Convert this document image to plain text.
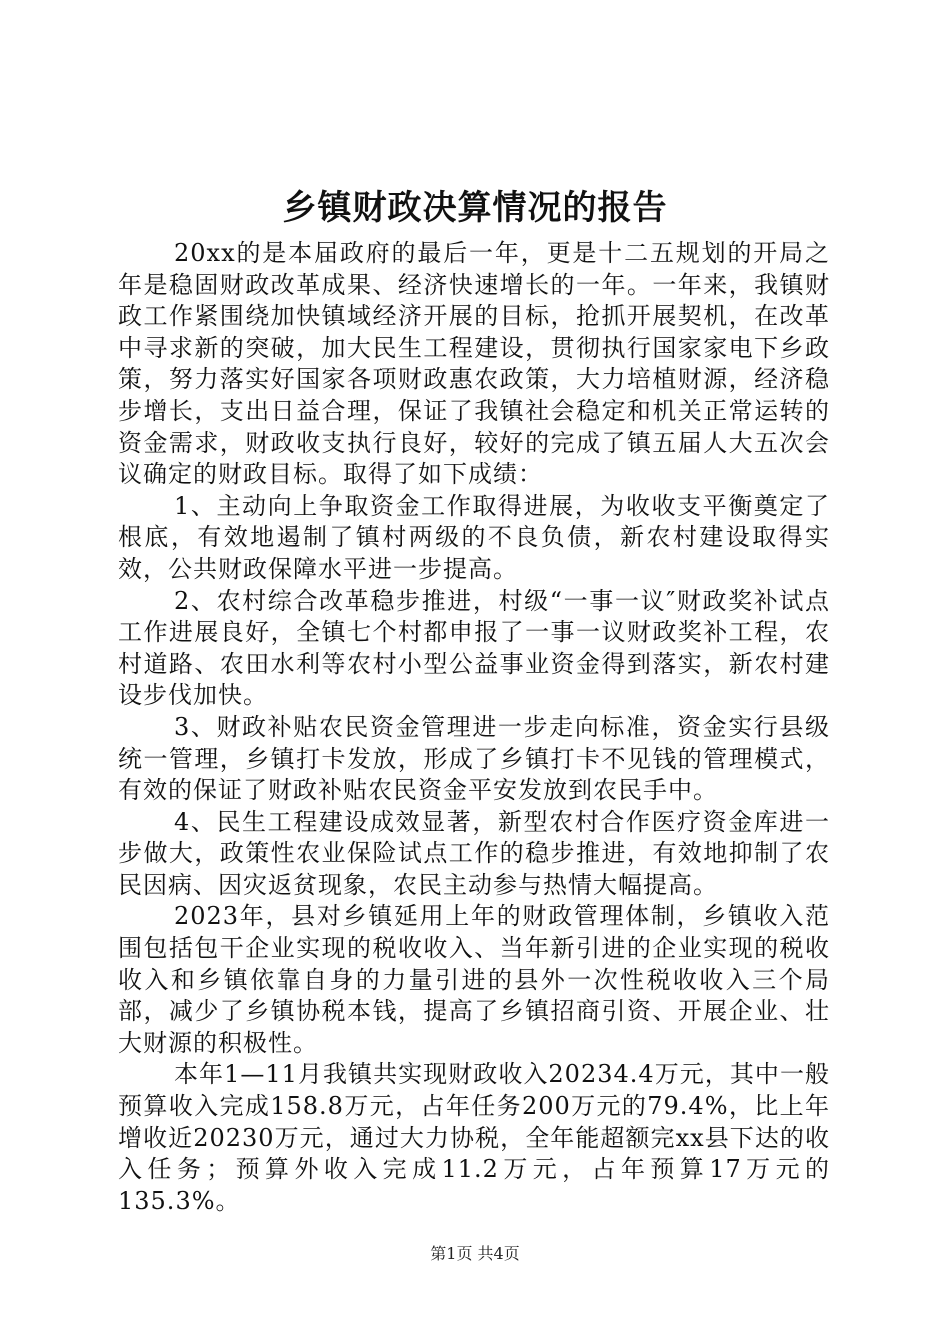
乡镇财政决算情况的报告

20xx的是本届政府的最后一年，更是十二五规划的开局之年是稳固财政改革成果、经济快速增长的一年。一年来，我镇财政工作紧围绕加快镇域经济开展的目标，抢抓开展契机，在改革中寻求新的突破，加大民生工程建设，贯彻执行国家家电下乡政策，努力落实好国家各项财政惠农政策，大力培植财源，经济稳步增长，支出日益合理，保证了我镇社会稳定和机关正常运转的资金需求，财政收支执行良好，较好的完成了镇五届人大五次会议确定的财政目标。取得了如下成绩：

1、主动向上争取资金工作取得进展，为收收支平衡奠定了根底，有效地遏制了镇村两级的不良负债，新农村建设取得实效，公共财政保障水平进一步提高。

2、农村综合改革稳步推进，村级“一事一议″财政奖补试点工作进展良好，全镇七个村都申报了一事一议财政奖补工程，农村道路、农田水利等农村小型公益事业资金得到落实，新农村建设步伐加快。

3、财政补贴农民资金管理进一步走向标准，资金实行县级统一管理，乡镇打卡发放，形成了乡镇打卡不见钱的管理模式，有效的保证了财政补贴农民资金平安发放到农民手中。

4、民生工程建设成效显著，新型农村合作医疗资金库进一步做大，政策性农业保险试点工作的稳步推进，有效地抑制了农民因病、因灾返贫现象，农民主动参与热情大幅提高。

2023年，县对乡镇延用上年的财政管理体制，乡镇收入范围包括包干企业实现的税收收入、当年新引进的企业实现的税收收入和乡镇依靠自身的力量引进的县外一次性税收收入三个局部，减少了乡镇协税本钱，提高了乡镇招商引资、开展企业、壮大财源的积极性。

本年1—11月我镇共实现财政收入20234.4万元，其中一般预算收入完成158.8万元，占年任务200万元的79.4%，比上年增收近20230万元，通过大力协税，全年能超额完xx县下达的收入任务；预算外收入完成11.2万元，占年预算17万元的135.3%。

第1页 共4页
